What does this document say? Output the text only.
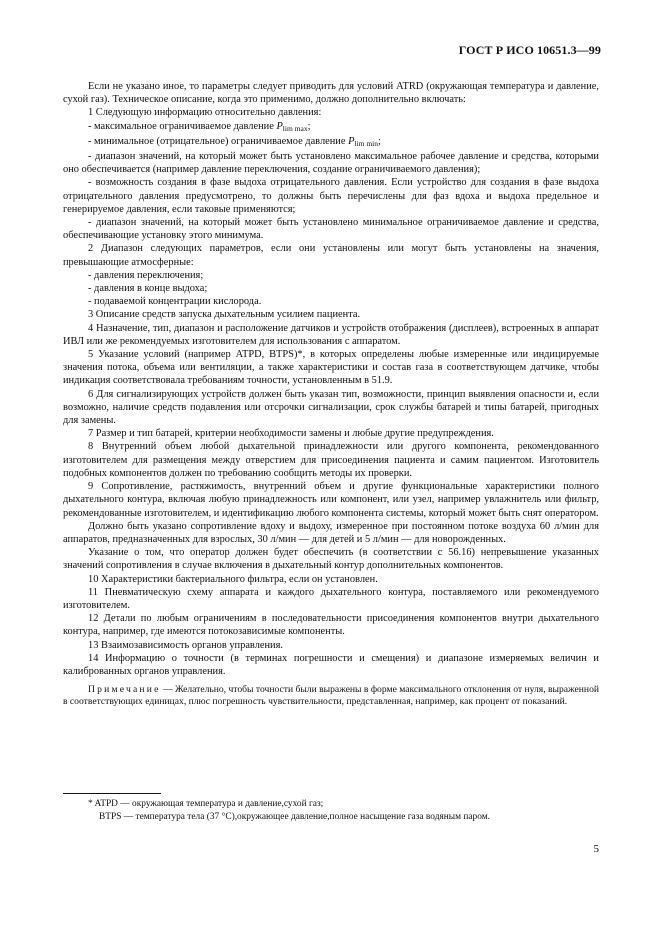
ГОСТ Р ИСО 10651.3—99

Если не указано иное, то параметры следует приводить для условий ATRD (окружающая температура и давление, сухой газ). Техническое описание, когда это применимо, должно дополнительно включать:

1 Следующую информацию относительно давления:

- максимальное ограничиваемое давление $P_{lim max}$;

- минимальное (отрицательное) ограничиваемое давление $P_{lim min}$;

- диапазон значений, на который может быть установлено максимальное рабочее давление и средства, которыми оно обеспечивается (например давление переключения, создание ограничиваемого давления);

- возможность создания в фазе выдоха отрицательного давления. Если устройство для создания в фазе выдоха отрицательного давления предусмотрено, то должны быть перечислены для фаз вдоха и выдоха предельное и генерируемое давления, если таковые применяются;

- диапазон значений, на который может быть установлено минимальное ограничиваемое давление и средства, обеспечивающие установку этого минимума.

2 Диапазон следующих параметров, если они установлены или могут быть установлены на значения, превышающие атмосферные:

- давления переключения;

- давления в конце выдоха;

- подаваемой концентрации кислорода.

3 Описание средств запуска дыхательным усилием пациента.

4 Назначение, тип, диапазон и расположение датчиков и устройств отображения (дисплеев), встроенных в аппарат ИВЛ или же рекомендуемых изготовителем для использования с аппаратом.

5 Указание условий (например ATPD, BTPS)*, в которых определены любые измеренные или индицируемые значения потока, объема или вентиляции, а также характеристики и состав газа в соответствующем датчике, чтобы индикация соответствовала требованиям точности, установленным в 51.9.

6 Для сигнализирующих устройств должен быть указан тип, возможности, принцип выявления опасности и, если возможно, наличие средств подавления или отсрочки сигнализации, срок службы батарей и типы батарей, пригодных для замены.

7 Размер и тип батарей, критерии необходимости замены и любые другие предупреждения.

8 Внутренний объем любой дыхательной принадлежности или другого компонента, рекомендованного изготовителем для размещения между отверстием для присоединения пациента и самим пациентом. Изготовитель подобных компонентов должен по требованию сообщить методы их проверки.

9 Сопротивление, растяжимость, внутренний объем и другие функциональные характеристики полного дыхательного контура, включая любую принадлежность или компонент, или узел, например увлажнитель или фильтр, рекомендованные изготовителем, и идентификацию любого компонента системы, который может быть снят оператором.

Должно быть указано сопротивление вдоху и выдоху, измеренное при постоянном потоке воздуха 60 л/мин для аппаратов, предназначенных для взрослых, 30 л/мин — для детей и 5 л/мин — для новорожденных.

Указание о том, что оператор должен будет обеспечить (в соответствии с 56.16) непревышение указанных значений сопротивления в случае включения в дыхательный контур дополнительных компонентов.

10 Характеристики бактериального фильтра, если он установлен.

11 Пневматическую схему аппарата и каждого дыхательного контура, поставляемого или рекомендуемого изготовителем.

12 Детали по любым ограничениям в последовательности присоединения компонентов внутри дыхательного контура, например, где имеются потокозависимые компоненты.

13 Взаимозависимость органов управления.

14 Информацию о точности (в терминах погрешности и смещения) и диапазоне измеряемых величин и калиброванных органов управления.

Примечание — Желательно, чтобы точности были выражены в форме максимального отклонения от нуля, выраженной в соответствующих единицах, плюс погрешность чувствительности, представленная, например, как процент от показаний.

* ATPD — окружающая температура и давление,сухой газ;

BTPS — температура тела (37 °С),окружающее давление,полное насыщение газа водяным паром.

5
